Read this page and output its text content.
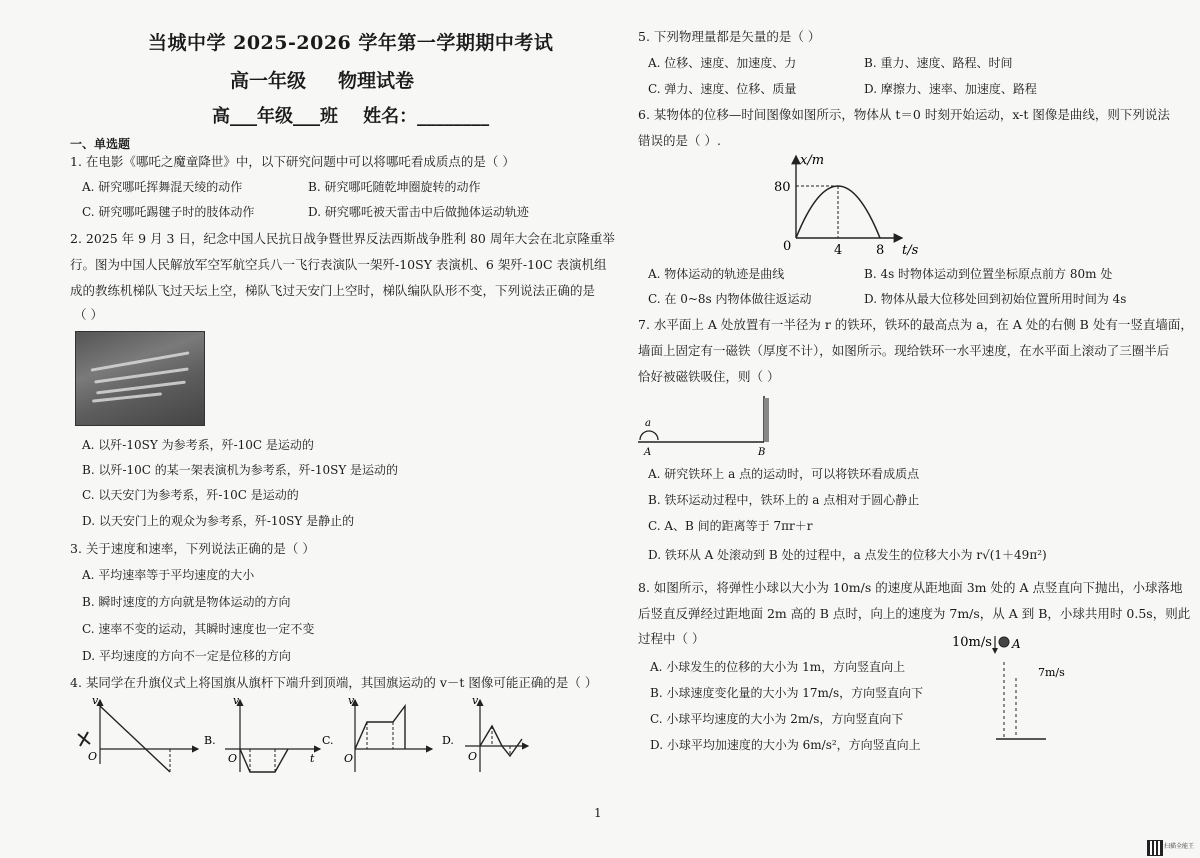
当城中学 2025-2026 学年第一学期期中考试
高一年级 物理试卷
高___年级___班    姓名：________
一、单选题
1. 在电影《哪吒之魔童降世》中，以下研究问题中可以将哪吒看成质点的是（ ）
A. 研究哪吒挥舞混天绫的动作	B. 研究哪吒随乾坤圈旋转的动作
C. 研究哪吒踢毽子时的肢体动作	D. 研究哪吒被天雷击中后做抛体运动轨迹
2. 2025 年 9 月 3 日，纪念中国人民抗日战争暨世界反法西斯战争胜利 80 周年大会在北京隆重举
行。图为中国人民解放军空军航空兵八一飞行表演队一架歼-10SY 表演机、6 架歼-10C 表演机组
成的教练机梯队飞过天坛上空，梯队飞过天安门上空时，梯队编队队形不变，下列说法正确的是
（ ）
A. 以歼-10SY 为参考系，歼-10C 是运动的
B. 以歼-10C 的某一架表演机为参考系，歼-10SY 是运动的
C. 以天安门为参考系，歼-10C 是运动的
D. 以天安门上的观众为参考系，歼-10SY 是静止的
3. 关于速度和速率，下列说法正确的是（ ）
A. 平均速率等于平均速度的大小
B. 瞬时速度的方向就是物体运动的方向
C. 速率不变的运动，其瞬时速度也一定不变
D. 平均速度的方向不一定是位移的方向
4. 某同学在升旗仪式上将国旗从旗杆下端升到顶端，其国旗运动的 v－t 图像可能正确的是（ ）
v
O
B.
v
O	t
C.
v
O
D.
v
O
5. 下列物理量都是矢量的是（ ）
A. 位移、速度、加速度、力	B. 重力、速度、路程、时间
C. 弹力、速度、位移、质量	D. 摩擦力、速率、加速度、路程
6. 某物体的位移—时间图像如图所示，物体从 t＝0 时刻开始运动，x-t 图像是曲线，则下列说法
错误的是（ ）.
x/m
80
0	4	8 t/s
A. 物体运动的轨迹是曲线	B. 4s 时物体运动到位置坐标原点前方 80m 处
C. 在 0~8s 内物体做往返运动	D. 物体从最大位移处回到初始位置所用时间为 4s
7. 水平面上 A 处放置有一半径为 r 的铁环，铁环的最高点为 a，在 A 处的右侧 B 处有一竖直墙面，
墙面上固定有一磁铁（厚度不计），如图所示。现给铁环一水平速度，在水平面上滚动了三圈半后
恰好被磁铁吸住，则（ ）
a
A	B
A. 研究铁环上 a 点的运动时，可以将铁环看成质点
B. 铁环运动过程中，铁环上的 a 点相对于圆心静止
C. A、B 间的距离等于 7πr＋r
D. 铁环从 A 处滚动到 B 处的过程中，a 点发生的位移大小为 r√(1＋49π²)
8. 如图所示，将弹性小球以大小为 10m/s 的速度从距地面 3m 处的 A 点竖直向下抛出，小球落地
后竖直反弹经过距地面 2m 高的 B 点时，向上的速度为 7m/s，从 A 到 B，小球共用时 0.5s，则此
过程中（ ）
A. 小球发生的位移的大小为 1m，方向竖直向上
B. 小球速度变化量的大小为 17m/s，方向竖直向下
C. 小球平均速度的大小为 2m/s，方向竖直向下
D. 小球平均加速度的大小为 6m/s²，方向竖直向上
10m/s A
7m/s
1
扫描全能王
